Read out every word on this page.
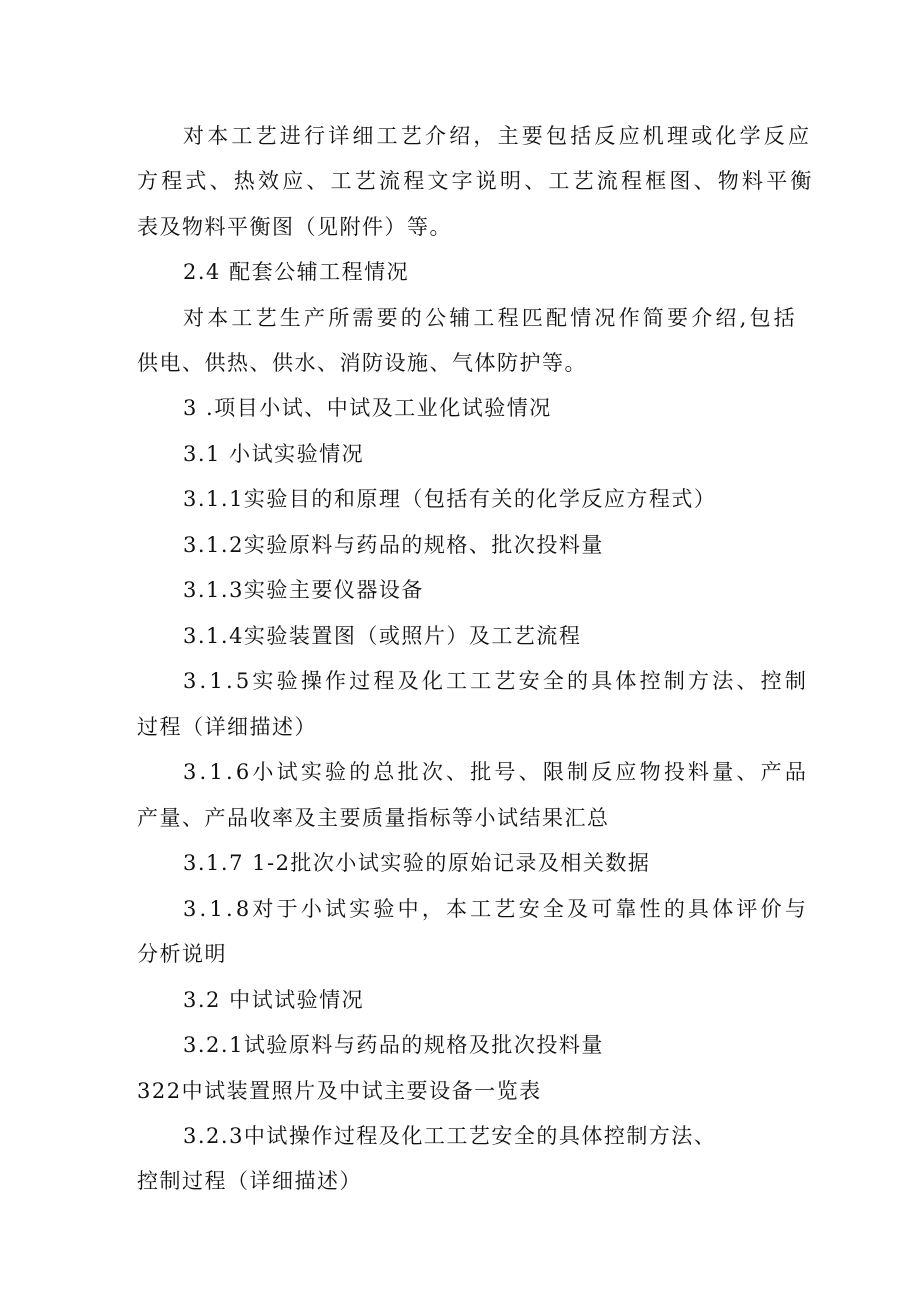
对本工艺进行详细工艺介绍，主要包括反应机理或化学反应
方程式、热效应、工艺流程文字说明、工艺流程框图、物料平衡
表及物料平衡图（见附件）等。
2.4 配套公辅工程情况
对本工艺生产所需要的公辅工程匹配情况作简要介绍,包括
供电、供热、供水、消防设施、气体防护等。
3 .项目小试、中试及工业化试验情况
3.1 小试实验情况
3.1.1实验目的和原理（包括有关的化学反应方程式）
3.1.2实验原料与药品的规格、批次投料量
3.1.3实验主要仪器设备
3.1.4实验装置图（或照片）及工艺流程
3.1.5实验操作过程及化工工艺安全的具体控制方法、控制
过程（详细描述）
3.1.6小试实验的总批次、批号、限制反应物投料量、产品
产量、产品收率及主要质量指标等小试结果汇总
3.1.7 1-2批次小试实验的原始记录及相关数据
3.1.8对于小试实验中，本工艺安全及可靠性的具体评价与
分析说明
3.2 中试试验情况
3.2.1试验原料与药品的规格及批次投料量
322中试装置照片及中试主要设备一览表
3.2.3中试操作过程及化工工艺安全的具体控制方法、
控制过程（详细描述）
